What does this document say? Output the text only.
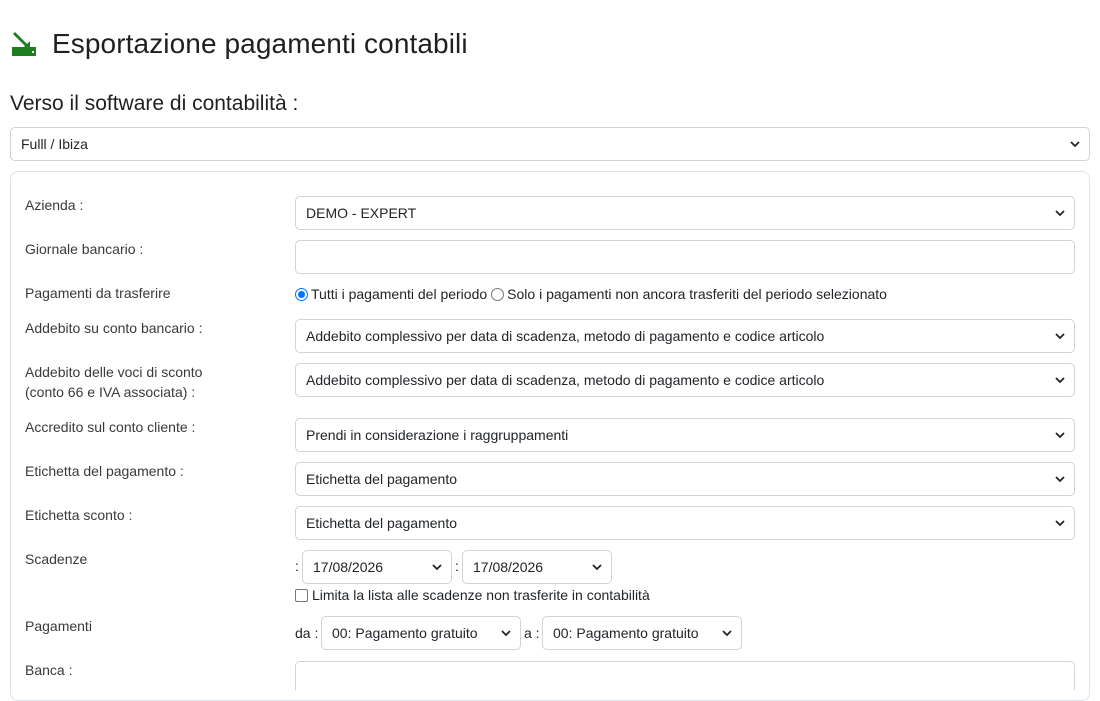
Esportazione pagamenti contabili
Verso il software di contabilità :
Fulll / Ibiza
Azienda :	DEMO - EXPERT
Giornale bancario :
Pagamenti da trasferire	Tutti i pagamenti del periodo Solo i pagamenti non ancora trasferiti del periodo selezionato
Addebito su conto bancario :	Addebito complessivo per data di scadenza, metodo di pagamento e codice articolo
Addebito delle voci di sconto
(conto 66 e IVA associata) :
Addebito complessivo per data di scadenza, metodo di pagamento e codice articolo
Accredito sul conto cliente :	Prendi in considerazione i raggruppamenti
Etichetta del pagamento :	Etichetta del pagamento
Etichetta sconto :	Etichetta del pagamento
Scadenze	: 17/08/2026	: 17/08/2026
Limita la lista alle scadenze non trasferite in contabilità
Pagamenti	da : 00: Pagamento gratuito	a : 00: Pagamento gratuito
Banca :
